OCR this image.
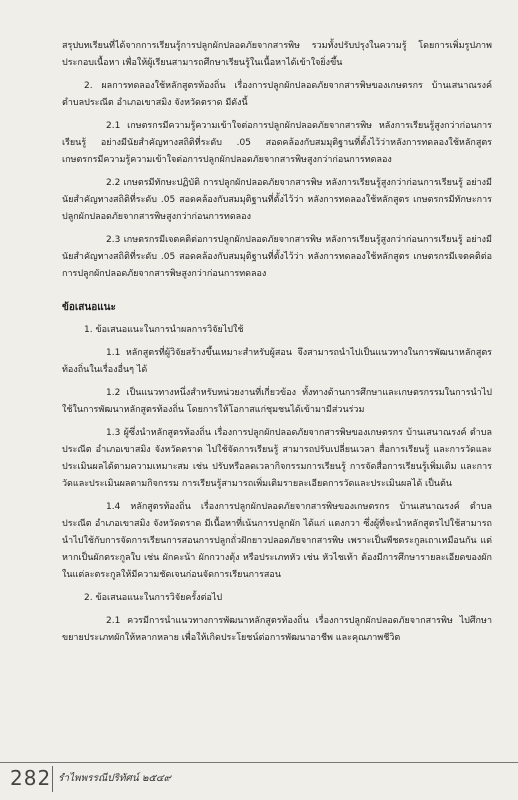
สรุปบทเรียนที่ได้จากการเรียนรู้การปลูกผักปลอดภัยจากสารพิษ รวมทั้งปรับปรุงในความรู้ โดยการเพิ่มรูปภาพประกอบเนื้อหา เพื่อให้ผู้เรียนสามารถศึกษาเรียนรู้ในเนื้อหาได้เข้าใจยิ่งขึ้น

2. ผลการทดลองใช้หลักสูตรท้องถิ่น เรื่องการปลูกผักปลอดภัยจากสารพิษของเกษตรกร บ้านเสนาณรงค์ ตำบลประณีต อำเภอเขาสมิง จังหวัดตราด มีดังนี้

2.1 เกษตรกรมีความรู้ความเข้าใจต่อการปลูกผักปลอดภัยจากสารพิษ หลังการเรียนรู้สูงกว่าก่อนการเรียนรู้ อย่างมีนัยสำคัญทางสถิติที่ระดับ .05 สอดคล้องกับสมมุติฐานที่ตั้งไว้ว่าหลังการทดลองใช้หลักสูตร เกษตรกรมีความรู้ความเข้าใจต่อการปลูกผักปลอดภัยจากสารพิษสูงกว่าก่อนการทดลอง

2.2 เกษตรมีทักษะปฏิบัติ การปลูกผักปลอดภัยจากสารพิษ หลังการเรียนรู้สูงกว่าก่อนการเรียนรู้ อย่างมีนัยสำคัญทางสถิติที่ระดับ .05 สอดคล้องกับสมมุติฐานที่ตั้งไว้ว่า หลังการทดลองใช้หลักสูตร เกษตรกรมีทักษะการปลูกผักปลอดภัยจากสารพิษสูงกว่าก่อนการทดลอง

2.3 เกษตรกรมีเจตคติต่อการปลูกผักปลอดภัยจากสารพิษ หลังการเรียนรู้สูงกว่าก่อนการเรียนรู้ อย่างมีนัยสำคัญทางสถิติที่ระดับ .05 สอดคล้องกับสมมุติฐานที่ตั้งไว้ว่า หลังการทดลองใช้หลักสูตร เกษตรกรมีเจตคติต่อการปลูกผักปลอดภัยจากสารพิษสูงกว่าก่อนการทดลอง

ข้อเสนอแนะ

1. ข้อเสนอแนะในการนำผลการวิจัยไปใช้

1.1 หลักสูตรที่ผู้วิจัยสร้างขึ้นเหมาะสำหรับผู้สอน จึงสามารถนำไปเป็นแนวทางในการพัฒนาหลักสูตรท้องถิ่นในเรื่องอื่นๆ ได้

1.2 เป็นแนวทางหนึ่งสำหรับหน่วยงานที่เกี่ยวข้อง ทั้งทางด้านการศึกษาและเกษตรกรรมในการนำไปใช้ในการพัฒนาหลักสูตรท้องถิ่น โดยการให้โอกาสแก่ชุมชนได้เข้ามามีส่วนร่วม

1.3 ผู้ซึ่งนำหลักสูตรท้องถิ่น เรื่องการปลูกผักปลอดภัยจากสารพิษของเกษตรกร บ้านเสนาณรงค์ ตำบลประณีต อำเภอเขาสมิง จังหวัดตราด ไปใช้จัดการเรียนรู้ สามารถปรับเปลี่ยนเวลา สื่อการเรียนรู้ และการวัดและประเมินผลได้ตามความเหมาะสม เช่น ปรับหรือลดเวลากิจกรรมการเรียนรู้ การจัดสื่อการเรียนรู้เพิ่มเติม และการวัดและประเมินผลตามกิจกรรม การเรียนรู้สามารถเพิ่มเติมรายละเอียดการวัดและประเมินผลได้ เป็นต้น

1.4 หลักสูตรท้องถิ่น เรื่องการปลูกผักปลอดภัยจากสารพิษของเกษตรกร บ้านเสนาณรงค์ ตำบลประณีต อำเภอเขาสมิง จังหวัดตราด มีเนื้อหาที่เน้นการปลูกผัก ได้แก่ แตงกวา ซึ่งผู้ที่จะนำหลักสูตรไปใช้สามารถนำไปใช้กับการจัดการเรียนการสอนการปลูกถั่วฝักยาวปลอดภัยจากสารพิษ เพราะเป็นพืชตระกูลเถาเหมือนกัน แต่หากเป็นผักตระกูลใบ เช่น ผักคะน้า ผักกวางตุ้ง หรือประเภทหัว เช่น หัวไชเท้า ต้องมีการศึกษารายละเอียดของผักในแต่ละตระกูลให้มีความชัดเจนก่อนจัดการเรียนการสอน

2. ข้อเสนอแนะในการวิจัยครั้งต่อไป

2.1 ควรมีการนำแนวทางการพัฒนาหลักสูตรท้องถิ่น เรื่องการปลูกผักปลอดภัยจากสารพิษ ไปศึกษาขยายประเภทผักให้หลากหลาย เพื่อให้เกิดประโยชน์ต่อการพัฒนาอาชีพ และคุณภาพชีวิต

282 รำไพพรรณีปริทัศน์ ๒๕๔๙
